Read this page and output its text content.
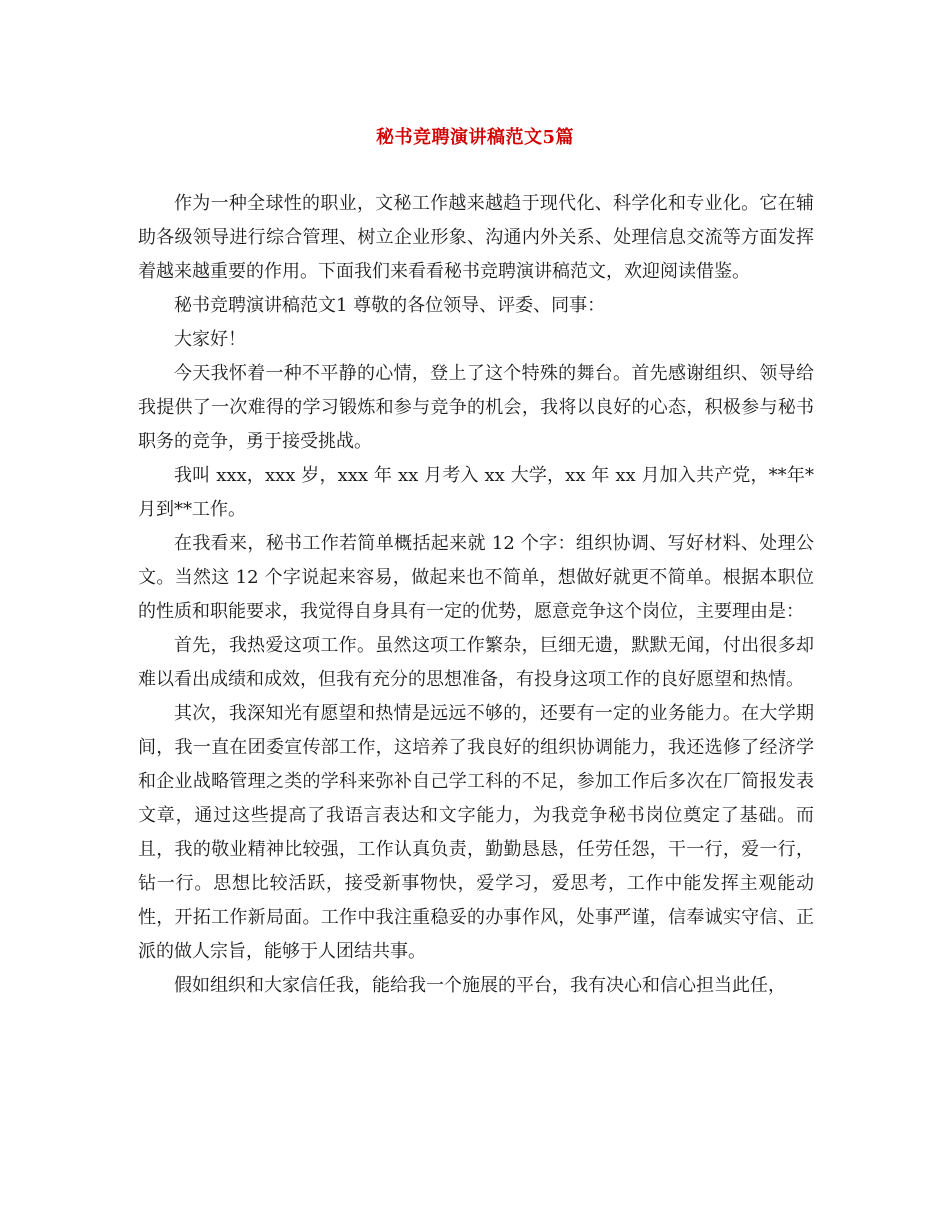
秘书竞聘演讲稿范文5篇

作为一种全球性的职业，文秘工作越来越趋于现代化、科学化和专业化。它在辅助各级领导进行综合管理、树立企业形象、沟通内外关系、处理信息交流等方面发挥着越来越重要的作用。下面我们来看看秘书竞聘演讲稿范文，欢迎阅读借鉴。

秘书竞聘演讲稿范文1 尊敬的各位领导、评委、同事：

大家好！

今天我怀着一种不平静的心情，登上了这个特殊的舞台。首先感谢组织、领导给我提供了一次难得的学习锻炼和参与竞争的机会，我将以良好的心态，积极参与秘书职务的竞争，勇于接受挑战。

我叫 xxx，xxx 岁，xxx 年 xx 月考入 xx 大学，xx 年 xx 月加入共产党，**年*月到**工作。

在我看来，秘书工作若简单概括起来就 12 个字：组织协调、写好材料、处理公文。当然这 12 个字说起来容易，做起来也不简单，想做好就更不简单。根据本职位的性质和职能要求，我觉得自身具有一定的优势，愿意竞争这个岗位，主要理由是：

首先，我热爱这项工作。虽然这项工作繁杂，巨细无遗，默默无闻，付出很多却难以看出成绩和成效，但我有充分的思想准备，有投身这项工作的良好愿望和热情。

其次，我深知光有愿望和热情是远远不够的，还要有一定的业务能力。在大学期间，我一直在团委宣传部工作，这培养了我良好的组织协调能力，我还选修了经济学和企业战略管理之类的学科来弥补自己学工科的不足，参加工作后多次在厂简报发表文章，通过这些提高了我语言表达和文字能力，为我竞争秘书岗位奠定了基础。而且，我的敬业精神比较强，工作认真负责，勤勤恳恳，任劳任怨，干一行，爱一行，钻一行。思想比较活跃，接受新事物快，爱学习，爱思考，工作中能发挥主观能动性，开拓工作新局面。工作中我注重稳妥的办事作风，处事严谨，信奉诚实守信、正派的做人宗旨，能够于人团结共事。

假如组织和大家信任我，能给我一个施展的平台，我有决心和信心担当此任，
